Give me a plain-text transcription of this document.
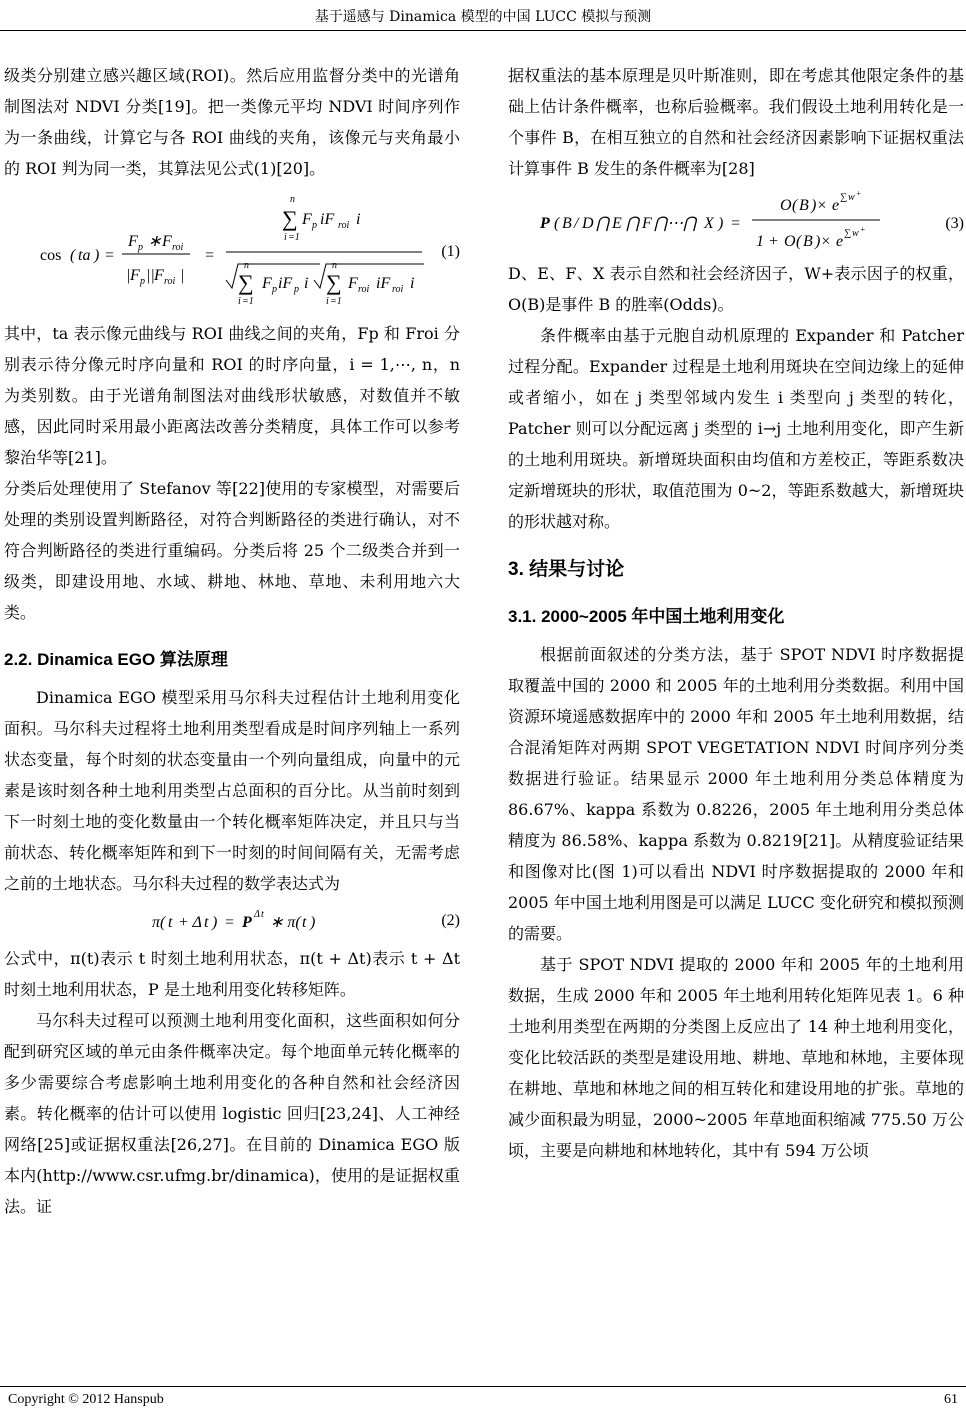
基于遥感与 Dinamica 模型的中国 LUCC 模拟与预测

级类分别建立感兴趣区域(ROI)。然后应用监督分类中的光谱角制图法对 NDVI 分类[19]。把一类像元平均 NDVI 时间序列作为一条曲线，计算它与各 ROI 曲线的夹角，该像元与夹角最小的 ROI 判为同一类，其算法见公式(1)[20]。

cos ( ta ) =
F p ∗ F roi
| F p || F roi |
=
n
∑
i =1
F p iF roi i
n
∑
i =1
F p iF p i
n
∑
i =1
F roi iF roi i
(1)

其中，ta 表示像元曲线与 ROI 曲线之间的夹角，Fp 和 Froi 分别表示待分像元时序向量和 ROI 的时序向量，i = 1,⋯, n，n 为类别数。由于光谱角制图法对曲线形状敏感，对数值并不敏感，因此同时采用最小距离法改善分类精度，具体工作可以参考黎治华等[21]。

分类后处理使用了 Stefanov 等[22]使用的专家模型，对需要后处理的类别设置判断路径，对符合判断路径的类进行确认，对不符合判断路径的类进行重编码。分类后将 25 个二级类合并到一级类，即建设用地、水域、耕地、林地、草地、未利用地六大类。

2.2. Dinamica EGO 算法原理

Dinamica EGO 模型采用马尔科夫过程估计土地利用变化面积。马尔科夫过程将土地利用类型看成是时间序列轴上一系列状态变量，每个时刻的状态变量由一个列向量组成，向量中的元素是该时刻各种土地利用类型占总面积的百分比。从当前时刻到下一时刻土地的变化数量由一个转化概率矩阵决定，并且只与当前状态、转化概率矩阵和到下一时刻的时间间隔有关，无需考虑之前的土地状态。马尔科夫过程的数学表达式为

π( t + Δ t ) = P Δ t ∗ π( t )	(2)

公式中，π(t)表示 t 时刻土地利用状态，π(t + Δt)表示 t + Δt 时刻土地利用状态，P 是土地利用变化转移矩阵。

马尔科夫过程可以预测土地利用变化面积，这些面积如何分配到研究区域的单元由条件概率决定。每个地面单元转化概率的多少需要综合考虑影响土地利用变化的各种自然和社会经济因素。转化概率的估计可以使用 logistic 回归[23,24]、人工神经网络[25]或证据权重法[26,27]。在目前的 Dinamica EGO 版本内(http://www.csr.ufmg.br/dinamica)，使用的是证据权重法。证

据权重法的基本原理是贝叶斯准则，即在考虑其他限定条件的基础上估计条件概率，也称后验概率。我们假设土地利用转化是一个事件 B，在相互独立的自然和社会经济因素影响下证据权重法计算事件 B 发生的条件概率为[28]

P ( B / D ⋂ E ⋂ F ⋂⋯⋂ X ) =
O ( B )× e ∑ w +
1 + O ( B )× e ∑ w +	(3)

D、E、F、X 表示自然和社会经济因子，W+表示因子的权重，O(B)是事件 B 的胜率(Odds)。

条件概率由基于元胞自动机原理的 Expander 和 Patcher 过程分配。Expander 过程是土地利用斑块在空间边缘上的延伸或者缩小，如在 j 类型邻域内发生 i 类型向 j 类型的转化，Patcher 则可以分配远离 j 类型的 i→j 土地利用变化，即产生新的土地利用斑块。新增斑块面积由均值和方差校正，等距系数决定新增斑块的形状，取值范围为 0~2，等距系数越大，新增斑块的形状越对称。

3. 结果与讨论
3.1. 2000~2005 年中国土地利用变化

根据前面叙述的分类方法，基于 SPOT NDVI 时序数据提取覆盖中国的 2000 和 2005 年的土地利用分类数据。利用中国资源环境遥感数据库中的 2000 年和 2005 年土地利用数据，结合混淆矩阵对两期 SPOT VEGETATION NDVI 时间序列分类数据进行验证。结果显示 2000 年土地利用分类总体精度为 86.67%、kappa 系数为 0.8226，2005 年土地利用分类总体精度为 86.58%、kappa 系数为 0.8219[21]。从精度验证结果和图像对比(图 1)可以看出 NDVI 时序数据提取的 2000 年和 2005 年中国土地利用图是可以满足 LUCC 变化研究和模拟预测的需要。

基于 SPOT NDVI 提取的 2000 年和 2005 年的土地利用数据，生成 2000 年和 2005 年土地利用转化矩阵见表 1。6 种土地利用类型在两期的分类图上反应出了 14 种土地利用变化，变化比较活跃的类型是建设用地、耕地、草地和林地，主要体现在耕地、草地和林地之间的相互转化和建设用地的扩张。草地的减少面积最为明显，2000~2005 年草地面积缩减 775.50 万公顷，主要是向耕地和林地转化，其中有 594 万公顷

Copyright © 2012 Hanspub	61
